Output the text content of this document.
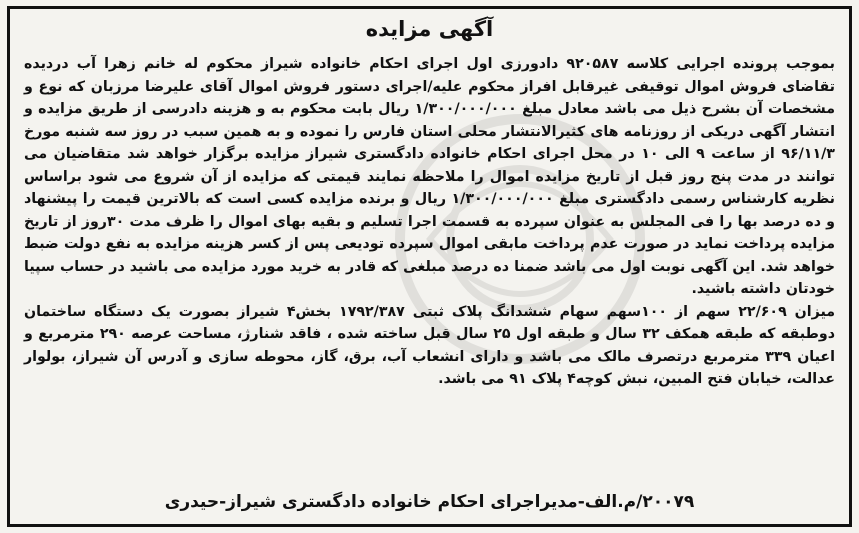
آگهی مزایده

بموجب پرونده اجرایی کلاسه ۹۲۰۵۸۷ دادورزی اول اجرای احکام خانواده شیراز محکوم له خانم زهرا آب درديده تقاضای فروش اموال توقیفی غیرقابل افراز محکوم علیه/اجرای دستور فروش اموال آقای علیرضا مرزبان که نوع و مشخصات آن بشرح ذیل می باشد معادل مبلغ ۱/۳۰۰/۰۰۰/۰۰۰ ریال بابت محکوم به و هزینه دادرسی از طریق مزایده و انتشار آگهی دریکی از روزنامه های کثیرالانتشار محلی استان فارس را نموده و به همین سبب در روز سه شنبه مورخ ۹۶/۱۱/۳ از ساعت ۹ الی ۱۰ در محل اجرای احکام خانواده دادگستری شیراز مزایده برگزار خواهد شد متقاضیان می توانند در مدت پنج روز قبل از تاریخ مزایده اموال را ملاحظه نمایند قیمتی که مزایده از آن شروع می شود براساس نظریه کارشناس رسمی دادگستری مبلغ ۱/۳۰۰/۰۰۰/۰۰۰ ریال و برنده مزایده کسی است که بالاترین قیمت را پیشنهاد و ده درصد بها را فی المجلس به عنوان سپرده به قسمت اجرا تسلیم و بقیه بهای اموال را ظرف مدت ۳۰روز از تاریخ مزایده پرداخت نماید در صورت عدم پرداخت مابقی اموال سپرده تودیعی پس از کسر هزینه مزایده به نفع دولت ضبط خواهد شد. این آگهی نوبت اول می باشد ضمنا ده درصد مبلغی که قادر به خرید مورد مزایده می باشید در حساب سپیا خودتان داشته باشید.

میزان ۲۲/۶۰۹ سهم از ۱۰۰سهم سهام ششدانگ پلاک ثبتی ۱۷۹۲/۳۸۷ بخش۴ شیراز بصورت یک دستگاه ساختمان دوطبقه که طبقه همکف ۳۲ سال و طبقه اول ۲۵ سال قبل ساخته شده ، فاقد شنارژ، مساحت عرصه ۲۹۰ مترمربع و اعیان ۳۳۹ مترمربع درتصرف مالک می باشد و دارای انشعاب آب، برق، گاز، محوطه سازی و آدرس آن شیراز، بولوار عدالت، خیابان فتح المبین، نبش کوچه۴ پلاک ۹۱ می باشد.

۲۰۰۷۹/م.الف-مدیراجرای احکام خانواده دادگستری شیراز-حیدری
